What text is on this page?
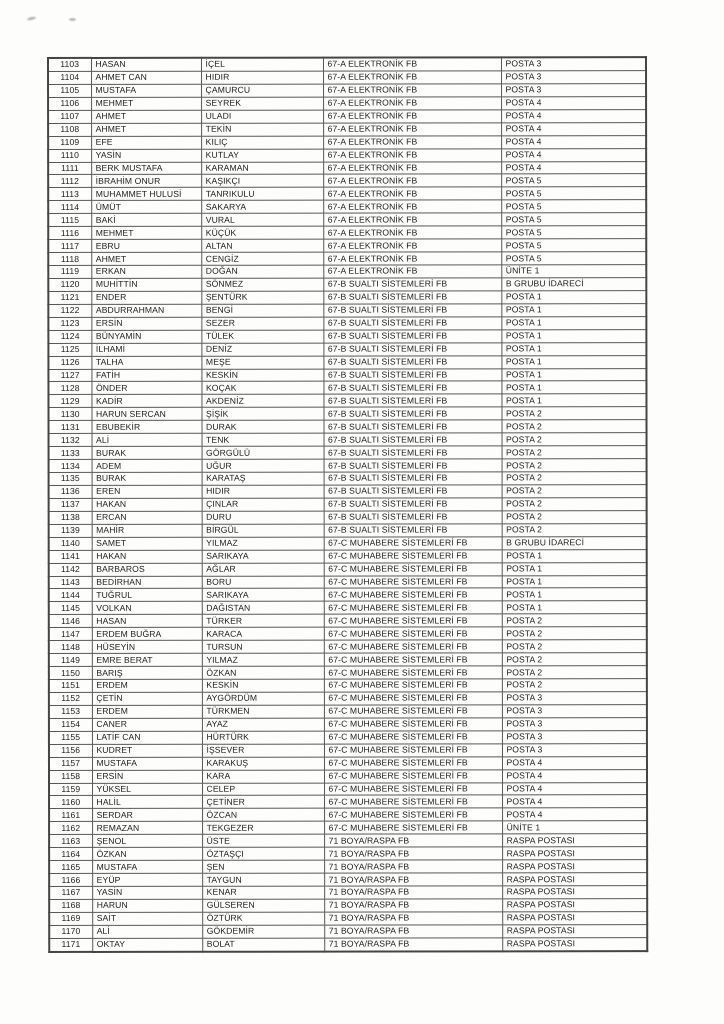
1103	HASAN	İÇEL	67-A ELEKTRONİK FB	POSTA 3
1104	AHMET CAN	HIDIR	67-A ELEKTRONİK FB	POSTA 3
1105	MUSTAFA	ÇAMURCU	67-A ELEKTRONİK FB	POSTA 3
1106	MEHMET	SEYREK	67-A ELEKTRONİK FB	POSTA 4
1107	AHMET	ULADI	67-A ELEKTRONİK FB	POSTA 4
1108	AHMET	TEKİN	67-A ELEKTRONİK FB	POSTA 4
1109	EFE	KILIÇ	67-A ELEKTRONİK FB	POSTA 4
1110	YASİN	KUTLAY	67-A ELEKTRONİK FB	POSTA 4
1111	BERK MUSTAFA	KARAMAN	67-A ELEKTRONİK FB	POSTA 4
1112	İBRAHİM ONUR	KAŞIKÇI	67-A ELEKTRONİK FB	POSTA 5
1113	MUHAMMET HULUSİ	TANRIKULU	67-A ELEKTRONİK FB	POSTA 5
1114	ÜMÜT	SAKARYA	67-A ELEKTRONİK FB	POSTA 5
1115	BAKİ	VURAL	67-A ELEKTRONİK FB	POSTA 5
1116	MEHMET	KÜÇÜK	67-A ELEKTRONİK FB	POSTA 5
1117	EBRU	ALTAN	67-A ELEKTRONİK FB	POSTA 5
1118	AHMET	CENGİZ	67-A ELEKTRONİK FB	POSTA 5
1119	ERKAN	DOĞAN	67-A ELEKTRONİK FB	ÜNİTE 1
1120	MUHİTTİN	SÖNMEZ	67-B SUALTI SİSTEMLERİ FB	B GRUBU İDARECİ
1121	ENDER	ŞENTÜRK	67-B SUALTI SİSTEMLERİ FB	POSTA 1
1122	ABDURRAHMAN	BENGİ	67-B SUALTI SİSTEMLERİ FB	POSTA 1
1123	ERSİN	SEZER	67-B SUALTI SİSTEMLERİ FB	POSTA 1
1124	BÜNYAMİN	TÜLEK	67-B SUALTI SİSTEMLERİ FB	POSTA 1
1125	İLHAMİ	DENİZ	67-B SUALTI SİSTEMLERİ FB	POSTA 1
1126	TALHA	MEŞE	67-B SUALTI SİSTEMLERİ FB	POSTA 1
1127	FATİH	KESKİN	67-B SUALTI SİSTEMLERİ FB	POSTA 1
1128	ÖNDER	KOÇAK	67-B SUALTI SİSTEMLERİ FB	POSTA 1
1129	KADİR	AKDENİZ	67-B SUALTI SİSTEMLERİ FB	POSTA 1
1130	HARUN SERCAN	ŞİŞİK	67-B SUALTI SİSTEMLERİ FB	POSTA 2
1131	EBUBEKİR	DURAK	67-B SUALTI SİSTEMLERİ FB	POSTA 2
1132	ALİ	TENK	67-B SUALTI SİSTEMLERİ FB	POSTA 2
1133	BURAK	GÖRGÜLÜ	67-B SUALTI SİSTEMLERİ FB	POSTA 2
1134	ADEM	UĞUR	67-B SUALTI SİSTEMLERİ FB	POSTA 2
1135	BURAK	KARATAŞ	67-B SUALTI SİSTEMLERİ FB	POSTA 2
1136	EREN	HIDIR	67-B SUALTI SİSTEMLERİ FB	POSTA 2
1137	HAKAN	ÇINLAR	67-B SUALTI SİSTEMLERİ FB	POSTA 2
1138	ERCAN	DURU	67-B SUALTI SİSTEMLERİ FB	POSTA 2
1139	MAHİR	BİRGÜL	67-B SUALTI SİSTEMLERİ FB	POSTA 2
1140	SAMET	YILMAZ	67-C MUHABERE SİSTEMLERİ FB	B GRUBU İDARECİ
1141	HAKAN	SARIKAYA	67-C MUHABERE SİSTEMLERİ FB	POSTA 1
1142	BARBAROS	AĞLAR	67-C MUHABERE SİSTEMLERİ FB	POSTA 1
1143	BEDİRHAN	BORU	67-C MUHABERE SİSTEMLERİ FB	POSTA 1
1144	TUĞRUL	SARIKAYA	67-C MUHABERE SİSTEMLERİ FB	POSTA 1
1145	VOLKAN	DAĞISTAN	67-C MUHABERE SİSTEMLERİ FB	POSTA 1
1146	HASAN	TÜRKER	67-C MUHABERE SİSTEMLERİ FB	POSTA 2
1147	ERDEM BUĞRA	KARACA	67-C MUHABERE SİSTEMLERİ FB	POSTA 2
1148	HÜSEYİN	TURSUN	67-C MUHABERE SİSTEMLERİ FB	POSTA 2
1149	EMRE BERAT	YILMAZ	67-C MUHABERE SİSTEMLERİ FB	POSTA 2
1150	BARIŞ	ÖZKAN	67-C MUHABERE SİSTEMLERİ FB	POSTA 2
1151	ERDEM	KESKİN	67-C MUHABERE SİSTEMLERİ FB	POSTA 2
1152	ÇETİN	AYGÖRDÜM	67-C MUHABERE SİSTEMLERİ FB	POSTA 3
1153	ERDEM	TÜRKMEN	67-C MUHABERE SİSTEMLERİ FB	POSTA 3
1154	CANER	AYAZ	67-C MUHABERE SİSTEMLERİ FB	POSTA 3
1155	LATİF CAN	HÜRTÜRK	67-C MUHABERE SİSTEMLERİ FB	POSTA 3
1156	KUDRET	İŞSEVER	67-C MUHABERE SİSTEMLERİ FB	POSTA 3
1157	MUSTAFA	KARAKUŞ	67-C MUHABERE SİSTEMLERİ FB	POSTA 4
1158	ERSİN	KARA	67-C MUHABERE SİSTEMLERİ FB	POSTA 4
1159	YÜKSEL	CELEP	67-C MUHABERE SİSTEMLERİ FB	POSTA 4
1160	HALİL	ÇETİNER	67-C MUHABERE SİSTEMLERİ FB	POSTA 4
1161	SERDAR	ÖZCAN	67-C MUHABERE SİSTEMLERİ FB	POSTA 4
1162	REMAZAN	TEKGEZER	67-C MUHABERE SİSTEMLERİ FB	ÜNİTE 1
1163	ŞENOL	ÜSTE	71 BOYA/RASPA FB	RASPA POSTASI
1164	ÖZKAN	ÖZTAŞÇI	71 BOYA/RASPA FB	RASPA POSTASI
1165	MUSTAFA	ŞEN	71 BOYA/RASPA FB	RASPA POSTASI
1166	EYÜP	TAYGUN	71 BOYA/RASPA FB	RASPA POSTASI
1167	YASİN	KENAR	71 BOYA/RASPA FB	RASPA POSTASI
1168	HARUN	GÜLSEREN	71 BOYA/RASPA FB	RASPA POSTASI
1169	SAİT	ÖZTÜRK	71 BOYA/RASPA FB	RASPA POSTASI
1170	ALİ	GÖKDEMİR	71 BOYA/RASPA FB	RASPA POSTASI
1171	OKTAY	BOLAT	71 BOYA/RASPA FB	RASPA POSTASI
